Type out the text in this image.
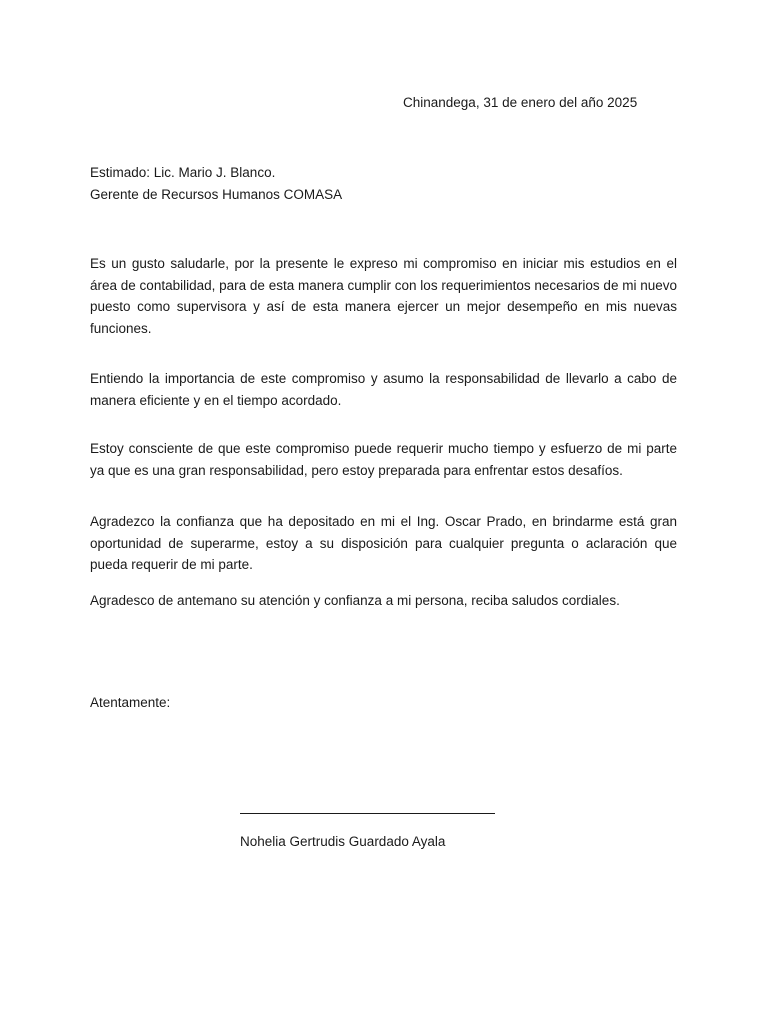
Chinandega, 31 de enero del año 2025
Estimado: Lic. Mario J. Blanco.
Gerente de Recursos Humanos COMASA

Es un gusto saludarle, por la presente le expreso mi compromiso en iniciar mis estudios en el área de contabilidad, para de esta manera cumplir con los requerimientos necesarios de mi nuevo puesto como supervisora y así de esta manera ejercer un mejor desempeño en mis nuevas funciones.

Entiendo la importancia de este compromiso y asumo la responsabilidad de llevarlo a cabo de manera eficiente y en el tiempo acordado.

Estoy consciente de que este compromiso puede requerir mucho tiempo y esfuerzo de mi parte ya que es una gran responsabilidad, pero estoy preparada para enfrentar estos desafíos.

Agradezco la confianza que ha depositado en mi el Ing. Oscar Prado, en brindarme está gran oportunidad de superarme, estoy a su disposición para cualquier pregunta o aclaración que pueda requerir de mi parte.

Agradesco de antemano su atención y confianza a mi persona, reciba saludos cordiales.

Atentamente:
Nohelia Gertrudis Guardado Ayala
